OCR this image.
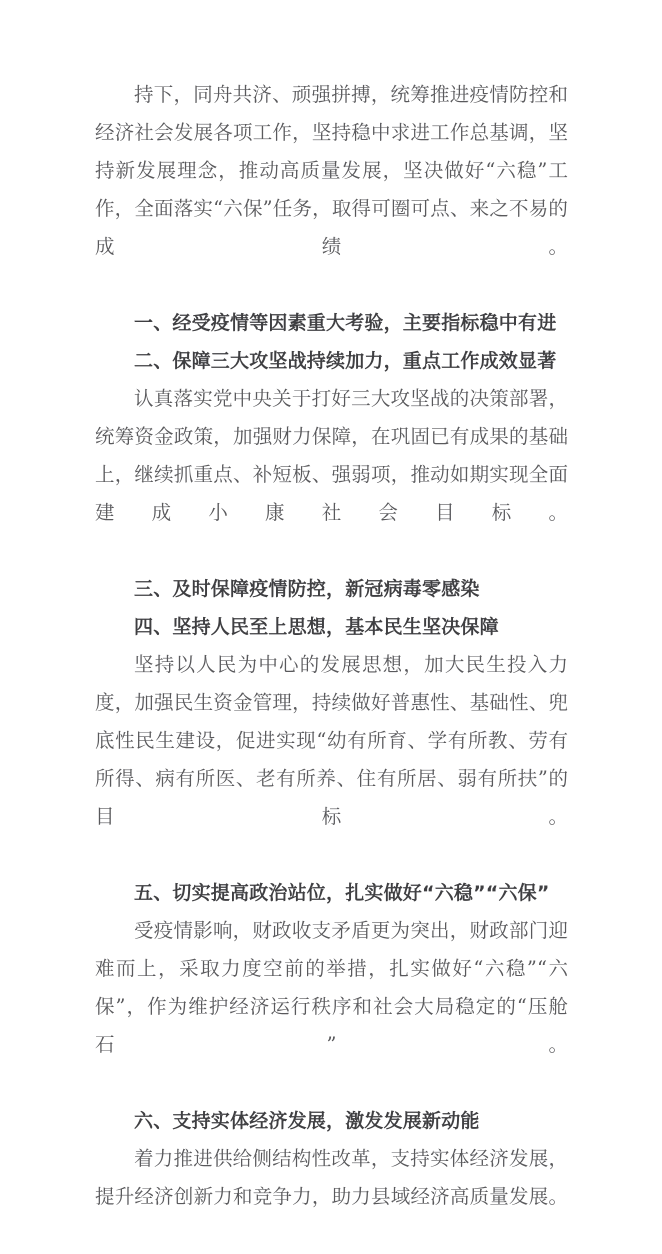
持下，同舟共济、顽强拼搏，统筹推进疫情防控和经济社会发展各项工作，坚持稳中求进工作总基调，坚持新发展理念，推动高质量发展，坚决做好“六稳”工作，全面落实“六保”任务，取得可圈可点、来之不易的成绩。

一、经受疫情等因素重大考验，主要指标稳中有进

二、保障三大攻坚战持续加力，重点工作成效显著

认真落实党中央关于打好三大攻坚战的决策部署，统筹资金政策，加强财力保障，在巩固已有成果的基础上，继续抓重点、补短板、强弱项，推动如期实现全面建成小康社会目标。

三、及时保障疫情防控，新冠病毒零感染

四、坚持人民至上思想，基本民生坚决保障

坚持以人民为中心的发展思想，加大民生投入力度，加强民生资金管理，持续做好普惠性、基础性、兜底性民生建设，促进实现“幼有所育、学有所教、劳有所得、病有所医、老有所养、住有所居、弱有所扶”的目标。

五、切实提高政治站位，扎实做好“六稳”“六保”

受疫情影响，财政收支矛盾更为突出，财政部门迎难而上，采取力度空前的举措，扎实做好“六稳”“六保”，作为维护经济运行秩序和社会大局稳定的“压舱石”。

六、支持实体经济发展，激发发展新动能

着力推进供给侧结构性改革，支持实体经济发展，提升经济创新力和竞争力，助力县域经济高质量发展。
